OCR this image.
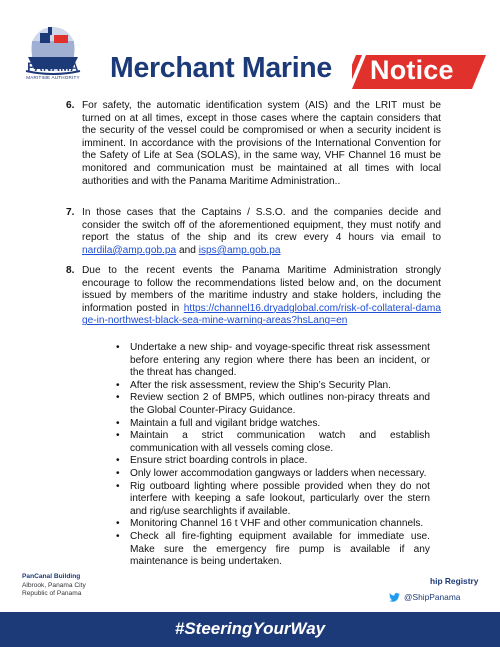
PANAMA
MARITIME AUTHORITY	Merchant Marine Notice
6. For safety, the automatic identification system (AIS) and the LRIT must be turned on at all times, except in those cases where the captain considers that the security of the vessel could be compromised or when a security incident is imminent. In accordance with the provisions of the International Convention for the Safety of Life at Sea (SOLAS), in the same way, VHF Channel 16 must be monitored and communication must be maintained at all times with local authorities and with the Panama Maritime Administration..
7. In those cases that the Captains / S.S.O. and the companies decide and consider the switch off of the aforementioned equipment, they must notify and report the status of the ship and its crew every 4 hours via email to nardila@amp.gob.pa and isps@amp.gob.pa
8. Due to the recent events the Panama Maritime Administration strongly encourage to follow the recommendations listed below and, on the document issued by members of the maritime industry and stake holders, including the information posted in https://channel16.dryadglobal.com/risk-of-collateral-damage-in-northwest-black-sea-mine-warning-areas?hsLang=en
• Undertake a new ship- and voyage-specific threat risk assessment before entering any region where there has been an incident, or the threat has changed.
• After the risk assessment, review the Ship’s Security Plan.
• Review section 2 of BMP5, which outlines non-piracy threats and the Global Counter-Piracy Guidance.
• Maintain a full and vigilant bridge watches.
• Maintain a strict communication watch and establish communication with all vessels coming close.
• Ensure strict boarding controls in place.
• Only lower accommodation gangways or ladders when necessary.
• Rig outboard lighting where possible provided when they do not interfere with keeping a safe lookout, particularly over the stern and rig/use searchlights if available.
• Monitoring Channel 16 t VHF and other communication channels.
• Check all fire-fighting equipment available for immediate use. Make sure the emergency fire pump is available if any maintenance is being undertaken.
PanCanal Building
Albrook, Panama City
Republic of Panama
hip Registry
@ShipPanama
#SteeringYourWay
